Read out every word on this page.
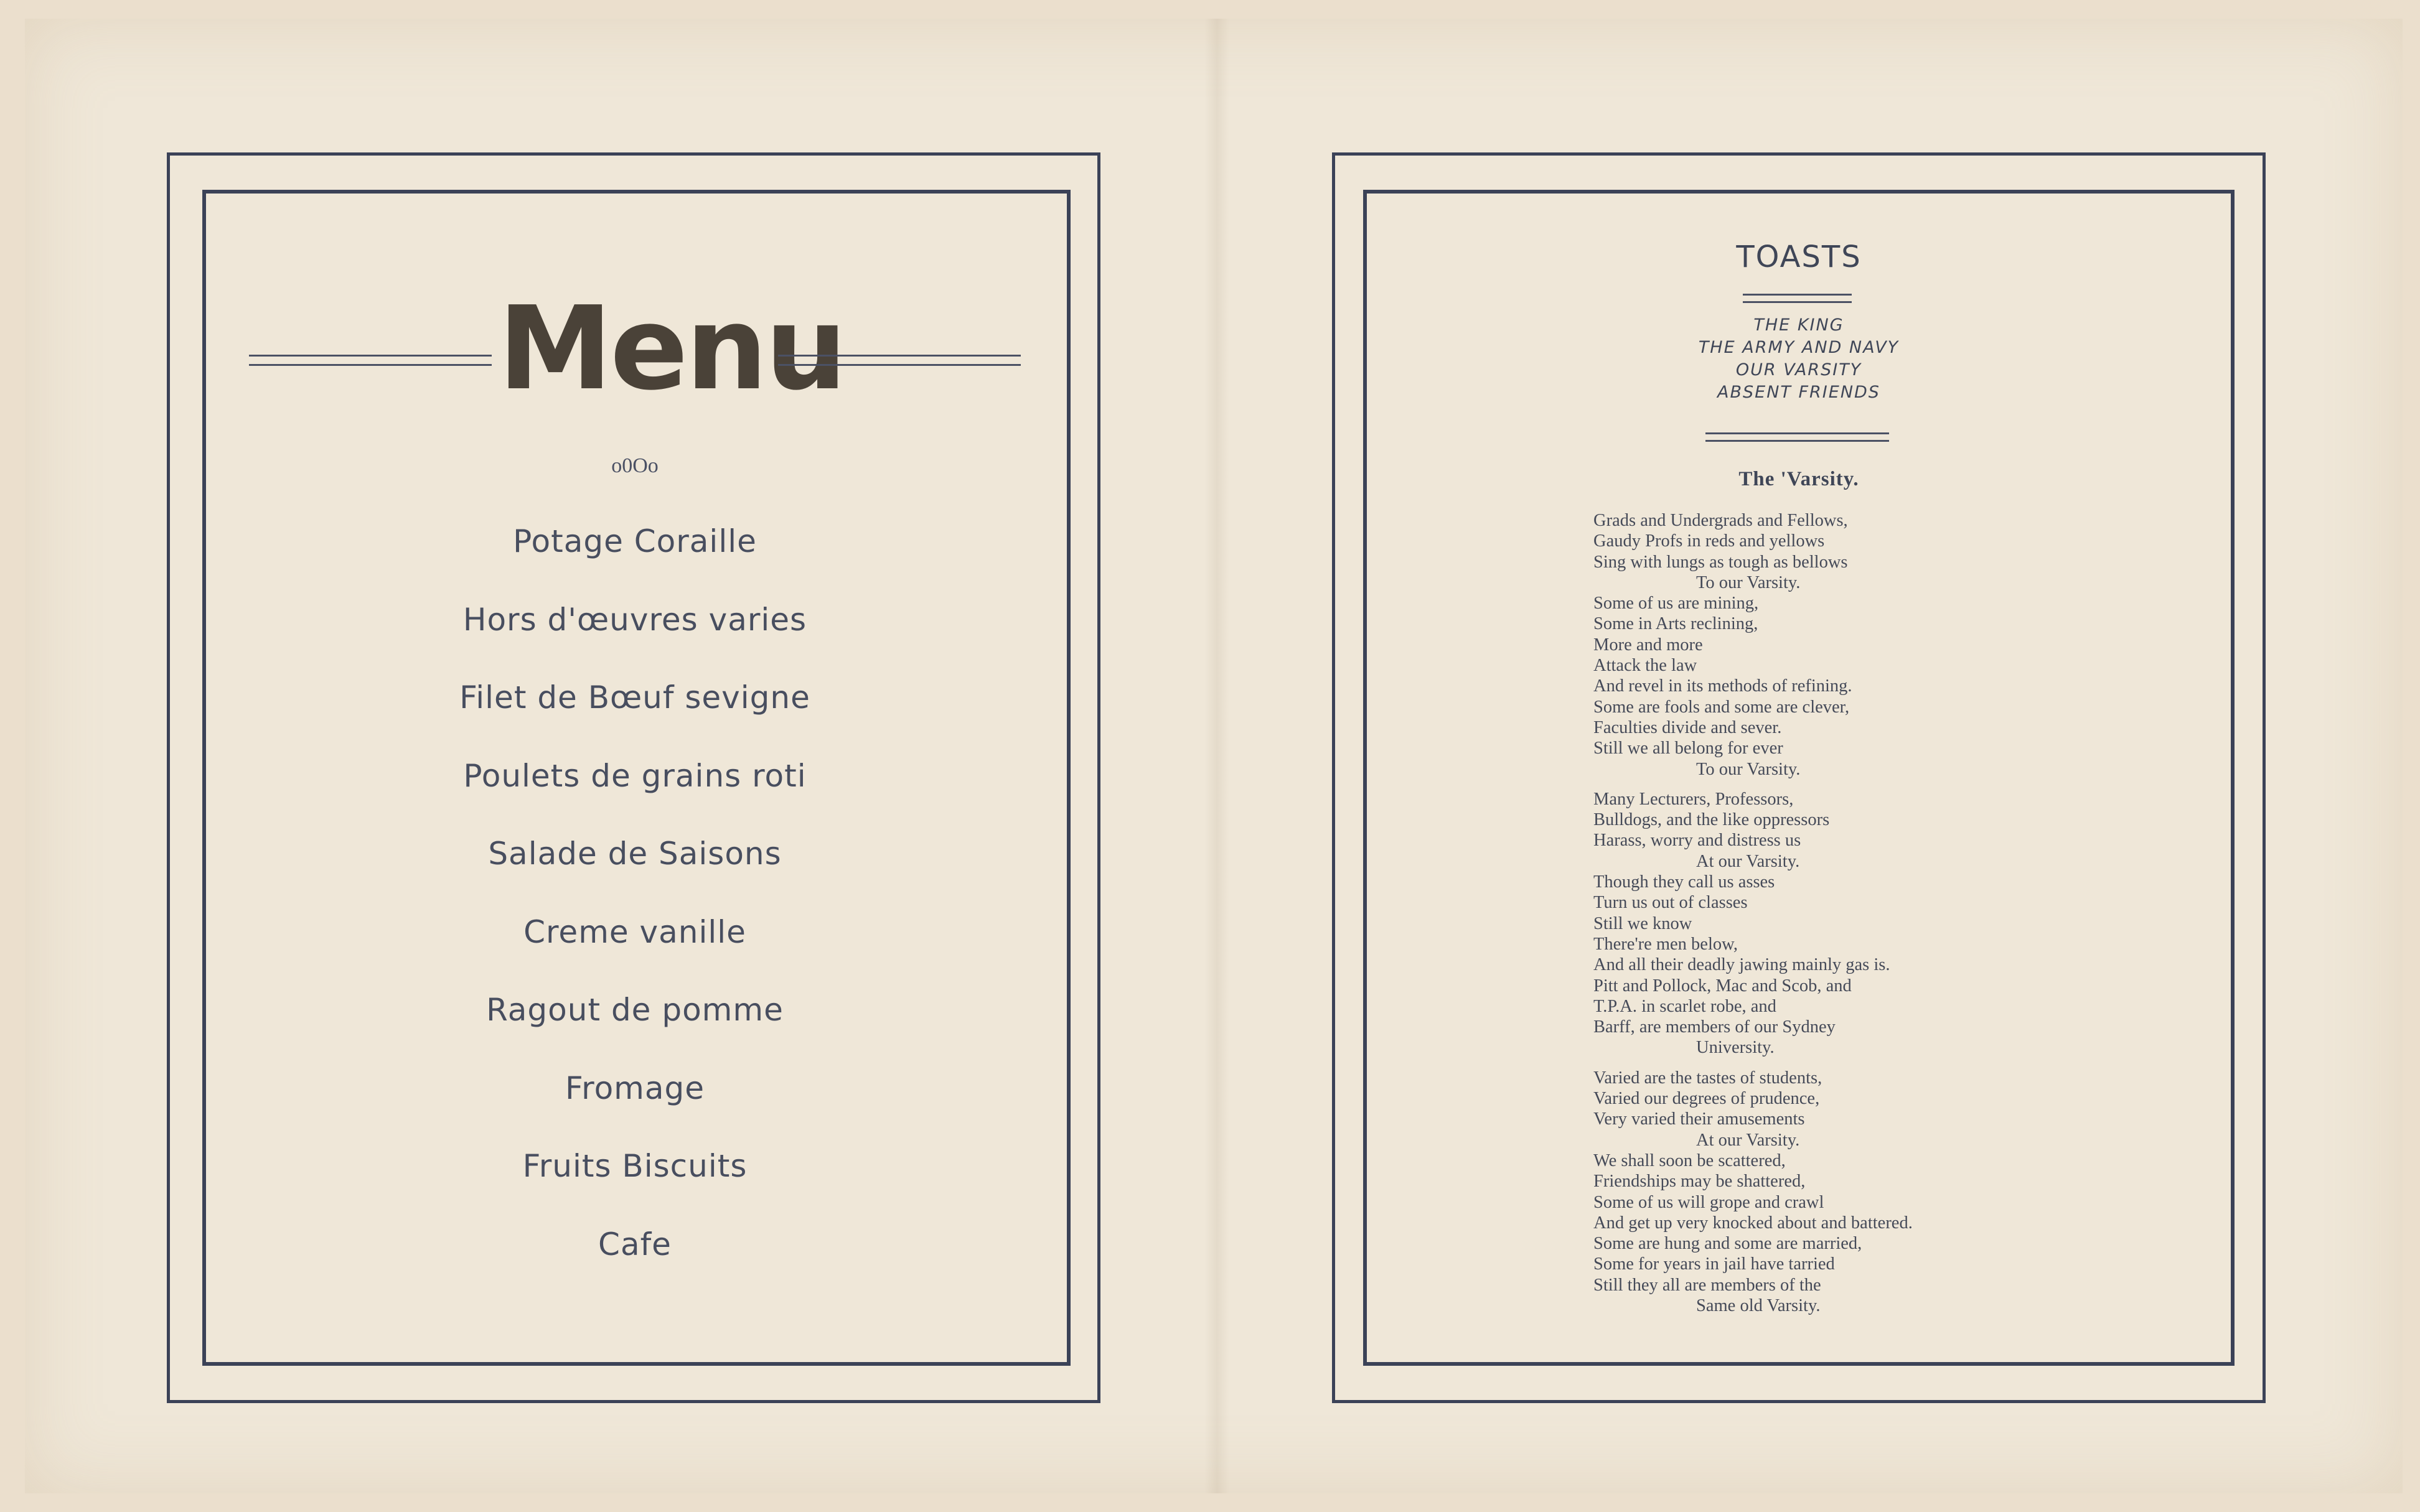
Menu
o0Oo
Potage Coraille
Hors d'œuvres varies
Filet de Bœuf sevigne
Poulets de grains roti
Salade de Saisons
Creme vanille
Ragout de pomme
Fromage
Fruits Biscuits
Cafe
TOASTS
THE KING
THE ARMY AND NAVY
OUR VARSITY
ABSENT FRIENDS
The 'Varsity.
Grads and Undergrads and Fellows,
Gaudy Profs in reds and yellows
Sing with lungs as tough as bellows
To our Varsity.
Some of us are mining,
Some in Arts reclining,
More and more
Attack the law
And revel in its methods of refining.
Some are fools and some are clever,
Faculties divide and sever.
Still we all belong for ever
To our Varsity.
Many Lecturers, Professors,
Bulldogs, and the like oppressors
Harass, worry and distress us
At our Varsity.
Though they call us asses
Turn us out of classes
Still we know
There're men below,
And all their deadly jawing mainly gas is.
Pitt and Pollock, Mac and Scob, and
T.P.A. in scarlet robe, and
Barff, are members of our Sydney
University.
Varied are the tastes of students,
Varied our degrees of prudence,
Very varied their amusements
At our Varsity.
We shall soon be scattered,
Friendships may be shattered,
Some of us will grope and crawl
And get up very knocked about and battered.
Some are hung and some are married,
Some for years in jail have tarried
Still they all are members of the
Same old Varsity.
